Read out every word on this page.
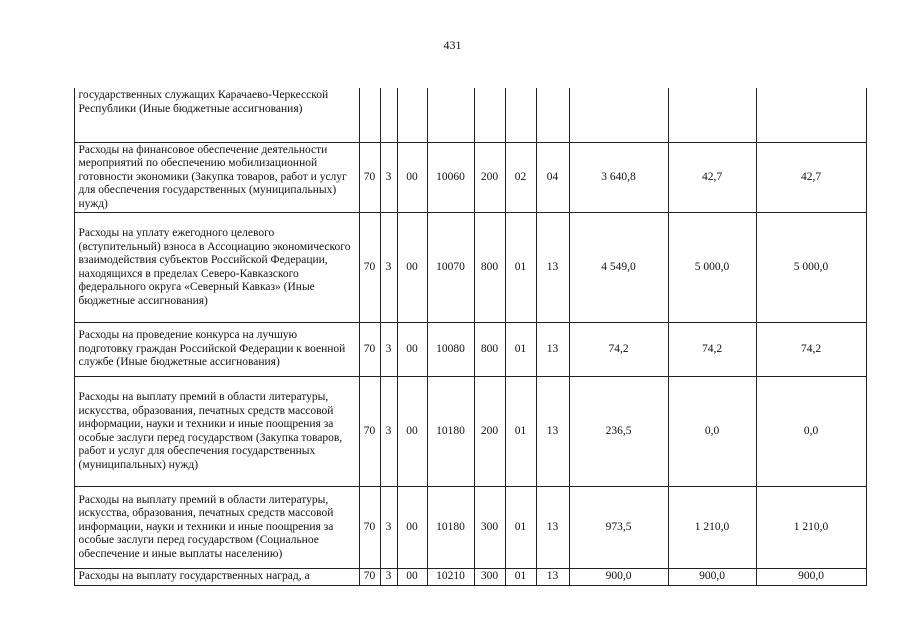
431
	государственных служащих Карачаево-Черкесской Республики (Иные бюджетные ассигнования)										
	Расходы на финансовое обеспечение деятельности мероприятий по обеспечению мобилизационной готовности экономики (Закупка товаров, работ и услуг для обеспечения государственных (муниципальных) нужд)	70	3	00	10060	200	02	04	3 640,8	42,7	42,7
	Расходы на уплату ежегодного целевого (вступительный) взноса в Ассоциацию экономического взаимодействия субъектов Российской Федерации, находящихся в пределах Северо-Кавказского федерального округа «Северный Кавказ» (Иные бюджетные ассигнования)	70	3	00	10070	800	01	13	4 549,0	5 000,0	5 000,0
	Расходы на проведение конкурса на лучшую подготовку граждан Российской Федерации к военной службе (Иные бюджетные ассигнования)	70	3	00	10080	800	01	13	74,2	74,2	74,2
	Расходы на выплату премий в области литературы, искусства, образования, печатных средств массовой информации, науки и техники и иные поощрения за особые заслуги перед государством (Закупка товаров, работ и услуг для обеспечения государственных (муниципальных) нужд)	70	3	00	10180	200	01	13	236,5	0,0	0,0
	Расходы на выплату премий в области литературы, искусства, образования, печатных средств массовой информации, науки и техники и иные поощрения за особые заслуги перед государством (Социальное обеспечение и иные выплаты населению)	70	3	00	10180	300	01	13	973,5	1 210,0	1 210,0
	Расходы на выплату государственных наград, а	70	3	00	10210	300	01	13	900,0	900,0	900,0
